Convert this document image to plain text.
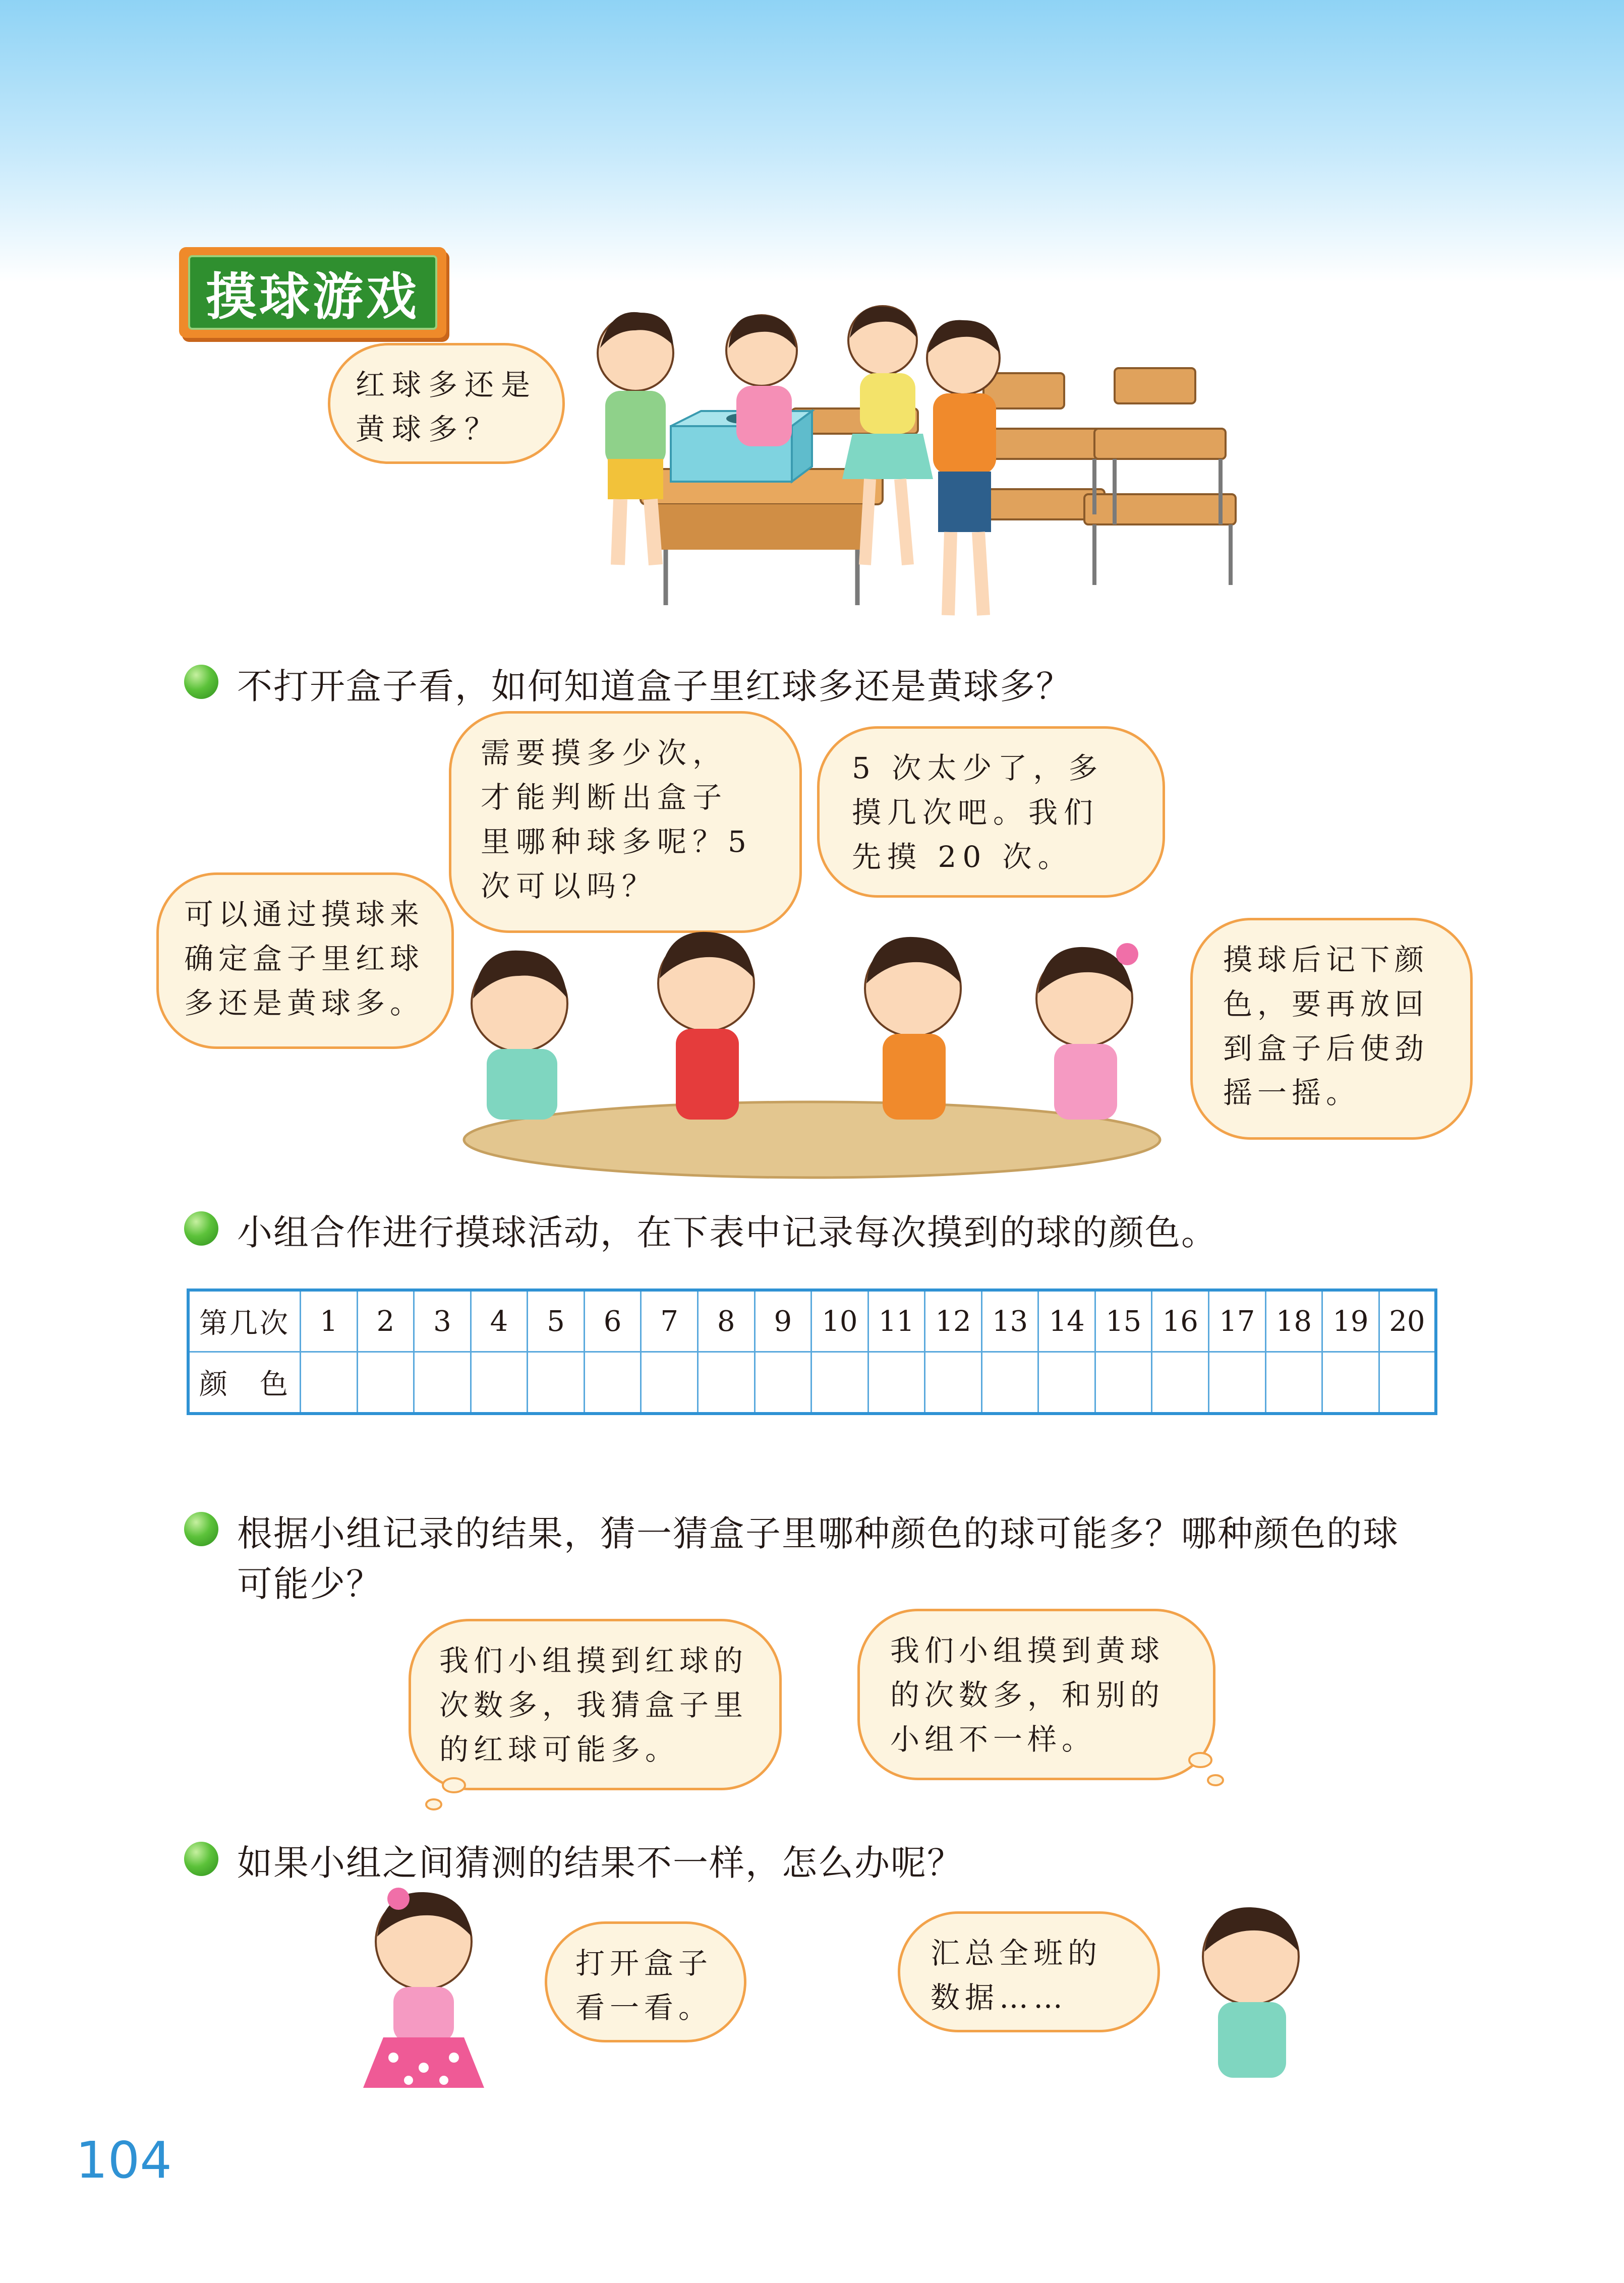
摸球游戏
红球多还是
黄球多？
不打开盒子看，如何知道盒子里红球多还是黄球多？
可以通过摸球来
确定盒子里红球
多还是黄球多。
需要摸多少次，
才能判断出盒子
里哪种球多呢？5
次可以吗？
5 次太少了，多
摸几次吧。我们
先摸 20 次。
摸球后记下颜
色，要再放回
到盒子后使劲
摇一摇。
小组合作进行摸球活动，在下表中记录每次摸到的球的颜色。
第几次	1	2	3	4	5	6	7	8	9	10	11	12	13	14	15	16	17	18	19	20
颜　色																				
根据小组记录的结果，猜一猜盒子里哪种颜色的球可能多？哪种颜色的球
可能少？
我们小组摸到红球的
次数多，我猜盒子里
的红球可能多。
我们小组摸到黄球
的次数多，和别的
小组不一样。
如果小组之间猜测的结果不一样，怎么办呢？
打开盒子
看一看。
汇总全班的
数据……
104
